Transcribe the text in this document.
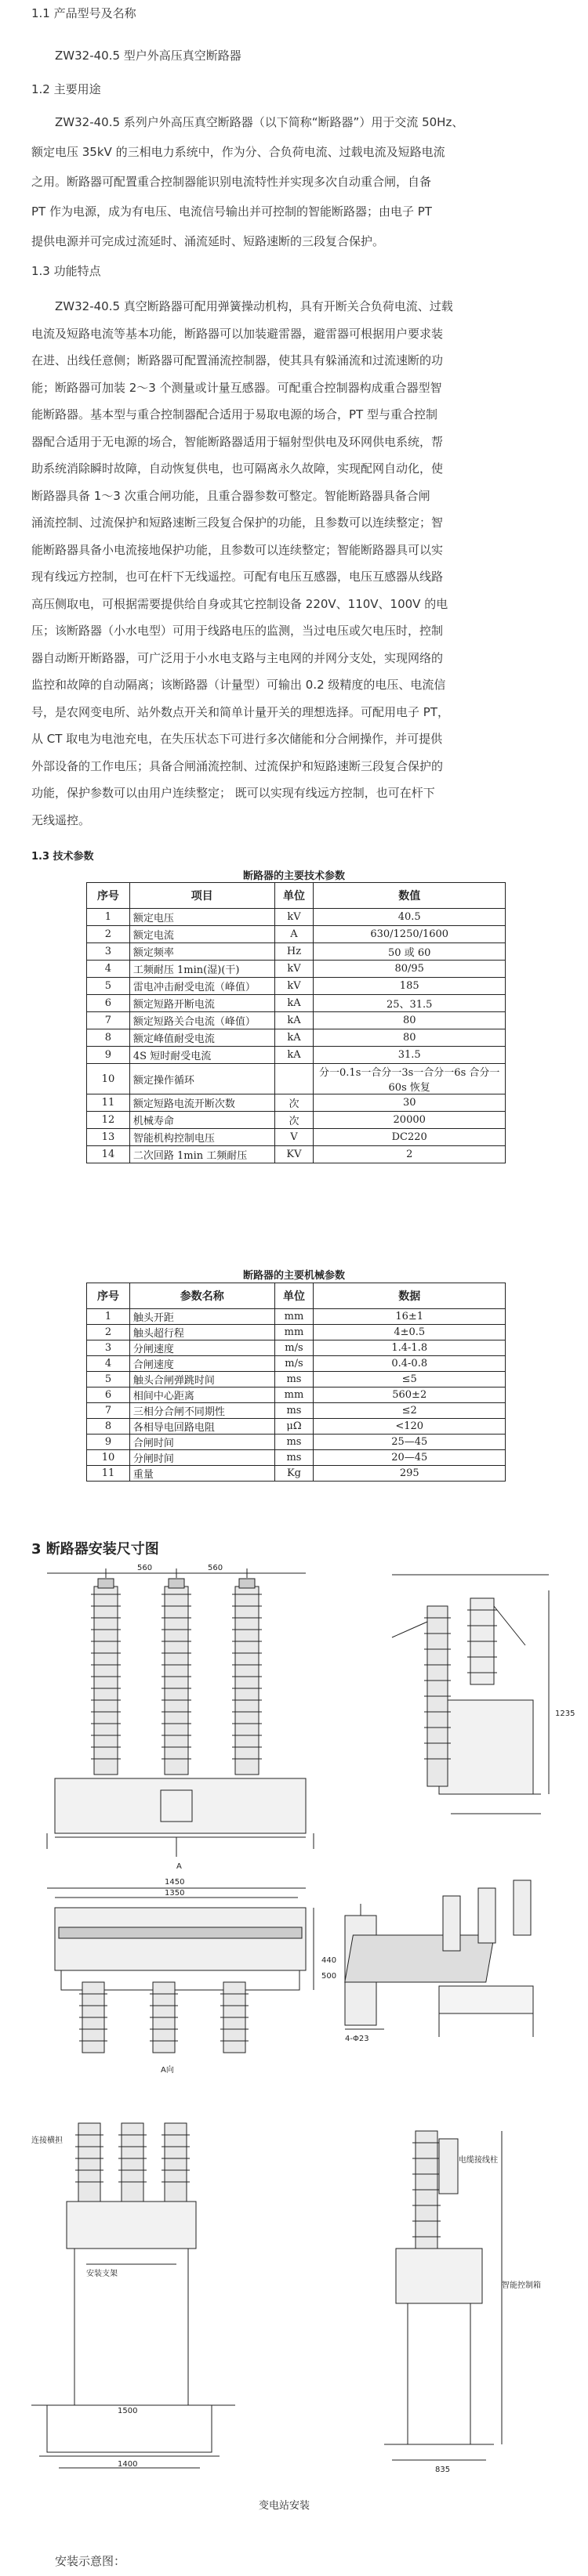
1.1 产品型号及名称
ZW32-40.5 型户外高压真空断路器
1.2 主要用途
ZW32-40.5 系列户外高压真空断路器（以下简称“断路器”）用于交流 50Hz、
额定电压 35kV 的三相电力系统中，作为分、合负荷电流、过载电流及短路电流
之用。断路器可配置重合控制器能识别电流特性并实现多次自动重合闸，自备
PT 作为电源，成为有电压、电流信号输出并可控制的智能断路器；由电子 PT
提供电源并可完成过流延时、涌流延时、短路速断的三段复合保护。
1.3 功能特点
ZW32-40.5 真空断路器可配用弹簧操动机构，具有开断关合负荷电流、过载
电流及短路电流等基本功能，断路器可以加装避雷器，避雷器可根据用户要求装
在进、出线任意侧；断路器可配置涌流控制器，使其具有躲涌流和过流速断的功
能；断路器可加装 2～3 个测量或计量互感器。可配重合控制器构成重合器型智
能断路器。基本型与重合控制器配合适用于易取电源的场合，PT 型与重合控制
器配合适用于无电源的场合，智能断路器适用于辐射型供电及环网供电系统，帮
助系统消除瞬时故障，自动恢复供电，也可隔离永久故障，实现配网自动化，使
断路器具备 1～3 次重合闸功能，且重合器参数可整定。智能断路器具备合闸
涌流控制、过流保护和短路速断三段复合保护的功能，且参数可以连续整定；智
能断路器具备小电流接地保护功能，且参数可以连续整定；智能断路器具可以实
现有线远方控制，也可在杆下无线遥控。可配有电压互感器，电压互感器从线路
高压侧取电，可根据需要提供给自身或其它控制设备 220V、110V、100V 的电
压；该断路器（小水电型）可用于线路电压的监测，当过电压或欠电压时，控制
器自动断开断路器，可广泛用于小水电支路与主电网的并网分支处，实现网络的
监控和故障的自动隔离；该断路器（计量型）可输出 0.2 级精度的电压、电流信
号，是农网变电所、站外数点开关和简单计量开关的理想选择。可配用电子 PT，
从 CT 取电为电池充电，在失压状态下可进行多次储能和分合闸操作，并可提供
外部设备的工作电压；具备合闸涌流控制、过流保护和短路速断三段复合保护的
功能，保护参数可以由用户连续整定； 既可以实现有线远方控制，也可在杆下
无线遥控。
1.3 技术参数
断路器的主要技术参数
序号	项目	单位	数值
1	额定电压	kV	40.5
2	额定电流	A	630/1250/1600
3	额定频率	Hz	50 或 60
4	工频耐压 1min(湿)(干)	kV	80/95
5	雷电冲击耐受电流（峰值）	kV	185
6	额定短路开断电流	kA	25、31.5
7	额定短路关合电流（峰值）	kA	80
8	额定峰值耐受电流	kA	80
9	4S 短时耐受电流	kA	31.5
10	额定操作循环		分一0.1s一合分一3s一合分一6s 合分一60s 恢复
11	额定短路电流开断次数	次	30
12	机械寿命	次	20000
13	智能机构控制电压	V	DC220
14	二次回路 1min 工频耐压	KV	2
断路器的主要机械参数
序号	参数名称	单位	数据
1	触头开距	mm	16±1
2	触头超行程	mm	4±0.5
3	分闸速度	m/s	1.4-1.8
4	合闸速度	m/s	0.4-0.8
5	触头合闸弹跳时间	ms	≤5
6	相间中心距离	mm	560±2
7	三相分合闸不同期性	ms	≤2
8	各相导电回路电阻	μΩ	<120
9	合闸时间	ms	25—45
10	分闸时间	ms	20—45
11	重量	Kg	295
3 断路器安装尺寸图
560	560
1235
A
1450
1350
440
500
4-Φ23
A向
连接横担
安装支架
1500
1400
835
智能控制箱
电缆接线柱
变电站安装
安装示意图：
